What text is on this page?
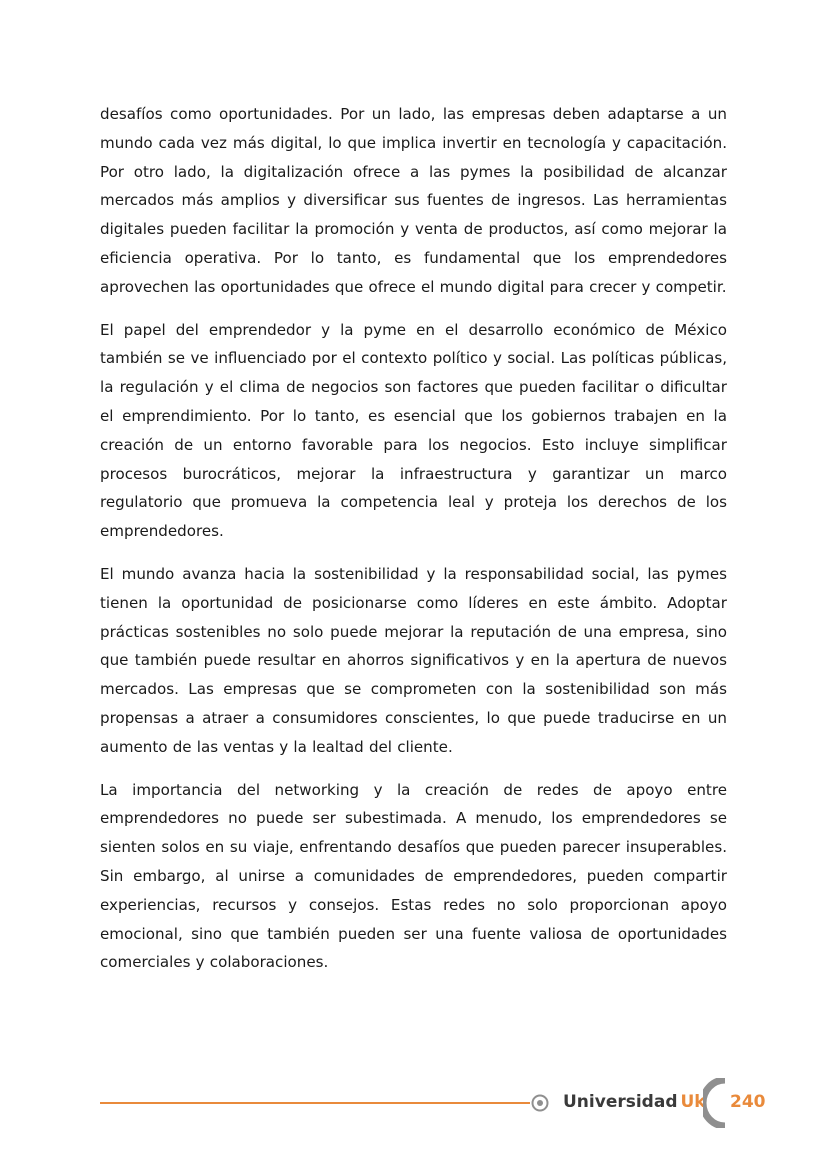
desafíos como oportunidades. Por un lado, las empresas deben adaptarse a un mundo cada vez más digital, lo que implica invertir en tecnología y capacitación. Por otro lado, la digitalización ofrece a las pymes la posibilidad de alcanzar mercados más amplios y diversificar sus fuentes de ingresos. Las herramientas digitales pueden facilitar la promoción y venta de productos, así como mejorar la eficiencia operativa. Por lo tanto, es fundamental que los emprendedores aprovechen las oportunidades que ofrece el mundo digital para crecer y competir.

El papel del emprendedor y la pyme en el desarrollo económico de México también se ve influenciado por el contexto político y social. Las políticas públicas, la regulación y el clima de negocios son factores que pueden facilitar o dificultar el emprendimiento. Por lo tanto, es esencial que los gobiernos trabajen en la creación de un entorno favorable para los negocios. Esto incluye simplificar procesos burocráticos, mejorar la infraestructura y garantizar un marco regulatorio que promueva la competencia leal y proteja los derechos de los emprendedores.

El mundo avanza hacia la sostenibilidad y la responsabilidad social, las pymes tienen la oportunidad de posicionarse como líderes en este ámbito. Adoptar prácticas sostenibles no solo puede mejorar la reputación de una empresa, sino que también puede resultar en ahorros significativos y en la apertura de nuevos mercados. Las empresas que se comprometen con la sostenibilidad son más propensas a atraer a consumidores conscientes, lo que puede traducirse en un aumento de las ventas y la lealtad del cliente.

La importancia del networking y la creación de redes de apoyo entre emprendedores no puede ser subestimada. A menudo, los emprendedores se sienten solos en su viaje, enfrentando desafíos que pueden parecer insuperables. Sin embargo, al unirse a comunidades de emprendedores, pueden compartir experiencias, recursos y consejos. Estas redes no solo proporcionan apoyo emocional, sino que también pueden ser una fuente valiosa de oportunidades comerciales y colaboraciones.

Universidad Uk 240
